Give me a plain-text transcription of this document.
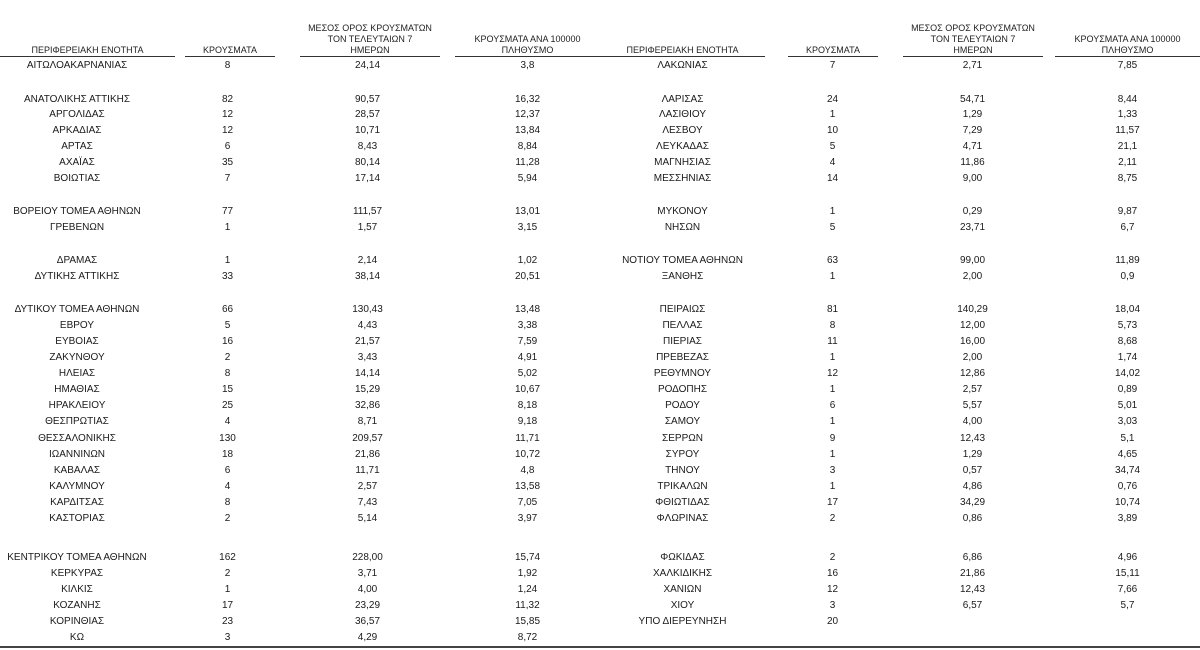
ΠΕΡΙΦΕΡΕΙΑΚΗ ΕΝΟΤΗΤΑ	ΚΡΟΥΣΜΑΤΑ
ΜΕΣΟΣ ΟΡΟΣ ΚΡΟΥΣΜΑΤΩΝ
ΤΟΝ ΤΕΛΕΥΤΑΙΩΝ 7
ΗΜΕΡΩΝ
ΚΡΟΥΣΜΑΤΑ ΑΝΑ 100000
ΠΛΗΘΥΣΜΟ
ΑΙΤΩΛΟΑΚΑΡΝΑΝΙΑΣ	8	24,14	3,8
ΑΝΑΤΟΛΙΚΗΣ ΑΤΤΙΚΗΣ	82	90,57	16,32
ΑΡΓΟΛΙΔΑΣ	12	28,57	12,37
ΑΡΚΑΔΙΑΣ	12	10,71	13,84
ΑΡΤΑΣ	6	8,43	8,84
ΑΧΑΪΑΣ	35	80,14	11,28
ΒΟΙΩΤΙΑΣ	7	17,14	5,94
ΒΟΡΕΙΟΥ ΤΟΜΕΑ ΑΘΗΝΩΝ	77	111,57	13,01
ΓΡΕΒΕΝΩΝ	1	1,57	3,15
ΔΡΑΜΑΣ	1	2,14	1,02
ΔΥΤΙΚΗΣ ΑΤΤΙΚΗΣ	33	38,14	20,51
ΔΥΤΙΚΟΥ ΤΟΜΕΑ ΑΘΗΝΩΝ	66	130,43	13,48
ΕΒΡΟΥ	5	4,43	3,38
ΕΥΒΟΙΑΣ	16	21,57	7,59
ΖΑΚΥΝΘΟΥ	2	3,43	4,91
ΗΛΕΙΑΣ	8	14,14	5,02
ΗΜΑΘΙΑΣ	15	15,29	10,67
ΗΡΑΚΛΕΙΟΥ	25	32,86	8,18
ΘΕΣΠΡΩΤΙΑΣ	4	8,71	9,18
ΘΕΣΣΑΛΟΝΙΚΗΣ	130	209,57	11,71
ΙΩΑΝΝΙΝΩΝ	18	21,86	10,72
ΚΑΒΑΛΑΣ	6	11,71	4,8
ΚΑΛΥΜΝΟΥ	4	2,57	13,58
ΚΑΡΔΙΤΣΑΣ	8	7,43	7,05
ΚΑΣΤΟΡΙΑΣ	2	5,14	3,97
ΚΕΝΤΡΙΚΟΥ ΤΟΜΕΑ ΑΘΗΝΩΝ	162	228,00	15,74
ΚΕΡΚΥΡΑΣ	2	3,71	1,92
ΚΙΛΚΙΣ	1	4,00	1,24
ΚΟΖΑΝΗΣ	17	23,29	11,32
ΚΟΡΙΝΘΙΑΣ	23	36,57	15,85
ΚΩ	3	4,29	8,72
ΠΕΡΙΦΕΡΕΙΑΚΗ ΕΝΟΤΗΤΑ	ΚΡΟΥΣΜΑΤΑ
ΜΕΣΟΣ ΟΡΟΣ ΚΡΟΥΣΜΑΤΩΝ
ΤΟΝ ΤΕΛΕΥΤΑΙΩΝ 7
ΗΜΕΡΩΝ
ΚΡΟΥΣΜΑΤΑ ΑΝΑ 100000
ΠΛΗΘΥΣΜΟ
ΛΑΚΩΝΙΑΣ	7	2,71	7,85
ΛΑΡΙΣΑΣ	24	54,71	8,44
ΛΑΣΙΘΙΟΥ	1	1,29	1,33
ΛΕΣΒΟΥ	10	7,29	11,57
ΛΕΥΚΑΔΑΣ	5	4,71	21,1
ΜΑΓΝΗΣΙΑΣ	4	11,86	2,11
ΜΕΣΣΗΝΙΑΣ	14	9,00	8,75
ΜΥΚΟΝΟΥ	1	0,29	9,87
ΝΗΣΩΝ	5	23,71	6,7
ΝΟΤΙΟΥ ΤΟΜΕΑ ΑΘΗΝΩΝ	63	99,00	11,89
ΞΑΝΘΗΣ	1	2,00	0,9
ΠΕΙΡΑΙΩΣ	81	140,29	18,04
ΠΕΛΛΑΣ	8	12,00	5,73
ΠΙΕΡΙΑΣ	11	16,00	8,68
ΠΡΕΒΕΖΑΣ	1	2,00	1,74
ΡΕΘΥΜΝΟΥ	12	12,86	14,02
ΡΟΔΟΠΗΣ	1	2,57	0,89
ΡΟΔΟΥ	6	5,57	5,01
ΣΑΜΟΥ	1	4,00	3,03
ΣΕΡΡΩΝ	9	12,43	5,1
ΣΥΡΟΥ	1	1,29	4,65
ΤΗΝΟΥ	3	0,57	34,74
ΤΡΙΚΑΛΩΝ	1	4,86	0,76
ΦΘΙΩΤΙΔΑΣ	17	34,29	10,74
ΦΛΩΡΙΝΑΣ	2	0,86	3,89
ΦΩΚΙΔΑΣ	2	6,86	4,96
ΧΑΛΚΙΔΙΚΗΣ	16	21,86	15,11
ΧΑΝΙΩΝ	12	12,43	7,66
ΧΙΟΥ	3	6,57	5,7
ΥΠΟ ΔΙΕΡΕΥΝΗΣΗ	20
